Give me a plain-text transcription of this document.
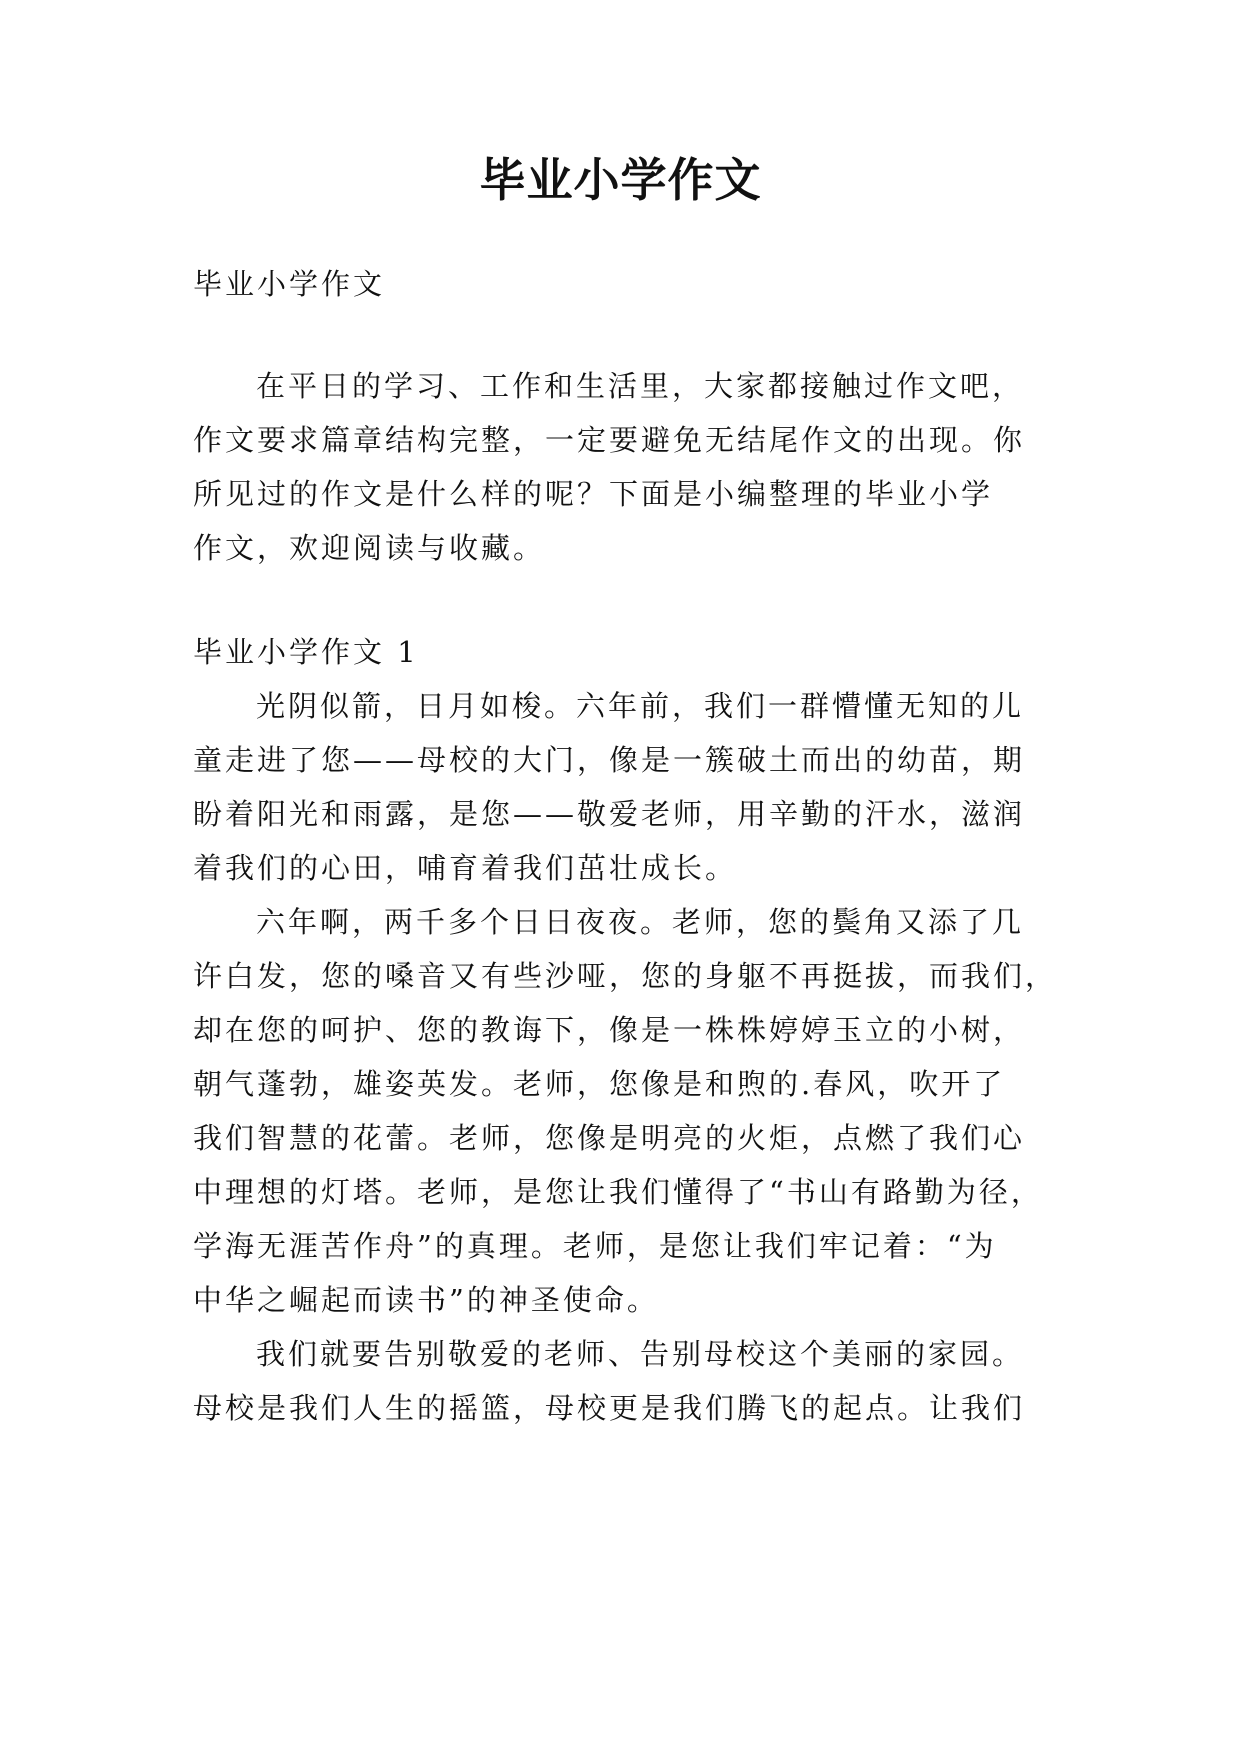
毕业小学作文
毕业小学作文
在平日的学习、工作和生活里，大家都接触过作文吧，
作文要求篇章结构完整，一定要避免无结尾作文的出现。你
所见过的作文是什么样的呢？下面是小编整理的毕业小学
作文，欢迎阅读与收藏。
毕业小学作文 1
光阴似箭，日月如梭。六年前，我们一群懵懂无知的儿
童走进了您——母校的大门，像是一簇破土而出的幼苗，期
盼着阳光和雨露，是您——敬爱老师，用辛勤的汗水，滋润
着我们的心田，哺育着我们茁壮成长。
六年啊，两千多个日日夜夜。老师，您的鬓角又添了几
许白发，您的嗓音又有些沙哑，您的身躯不再挺拔，而我们，
却在您的呵护、您的教诲下，像是一株株婷婷玉立的小树，
朝气蓬勃，雄姿英发。老师，您像是和煦的.春风，吹开了
我们智慧的花蕾。老师，您像是明亮的火炬，点燃了我们心
中理想的灯塔。老师，是您让我们懂得了“书山有路勤为径，
学海无涯苦作舟”的真理。老师，是您让我们牢记着：“为
中华之崛起而读书”的神圣使命。
我们就要告别敬爱的老师、告别母校这个美丽的家园。
母校是我们人生的摇篮，母校更是我们腾飞的起点。让我们
